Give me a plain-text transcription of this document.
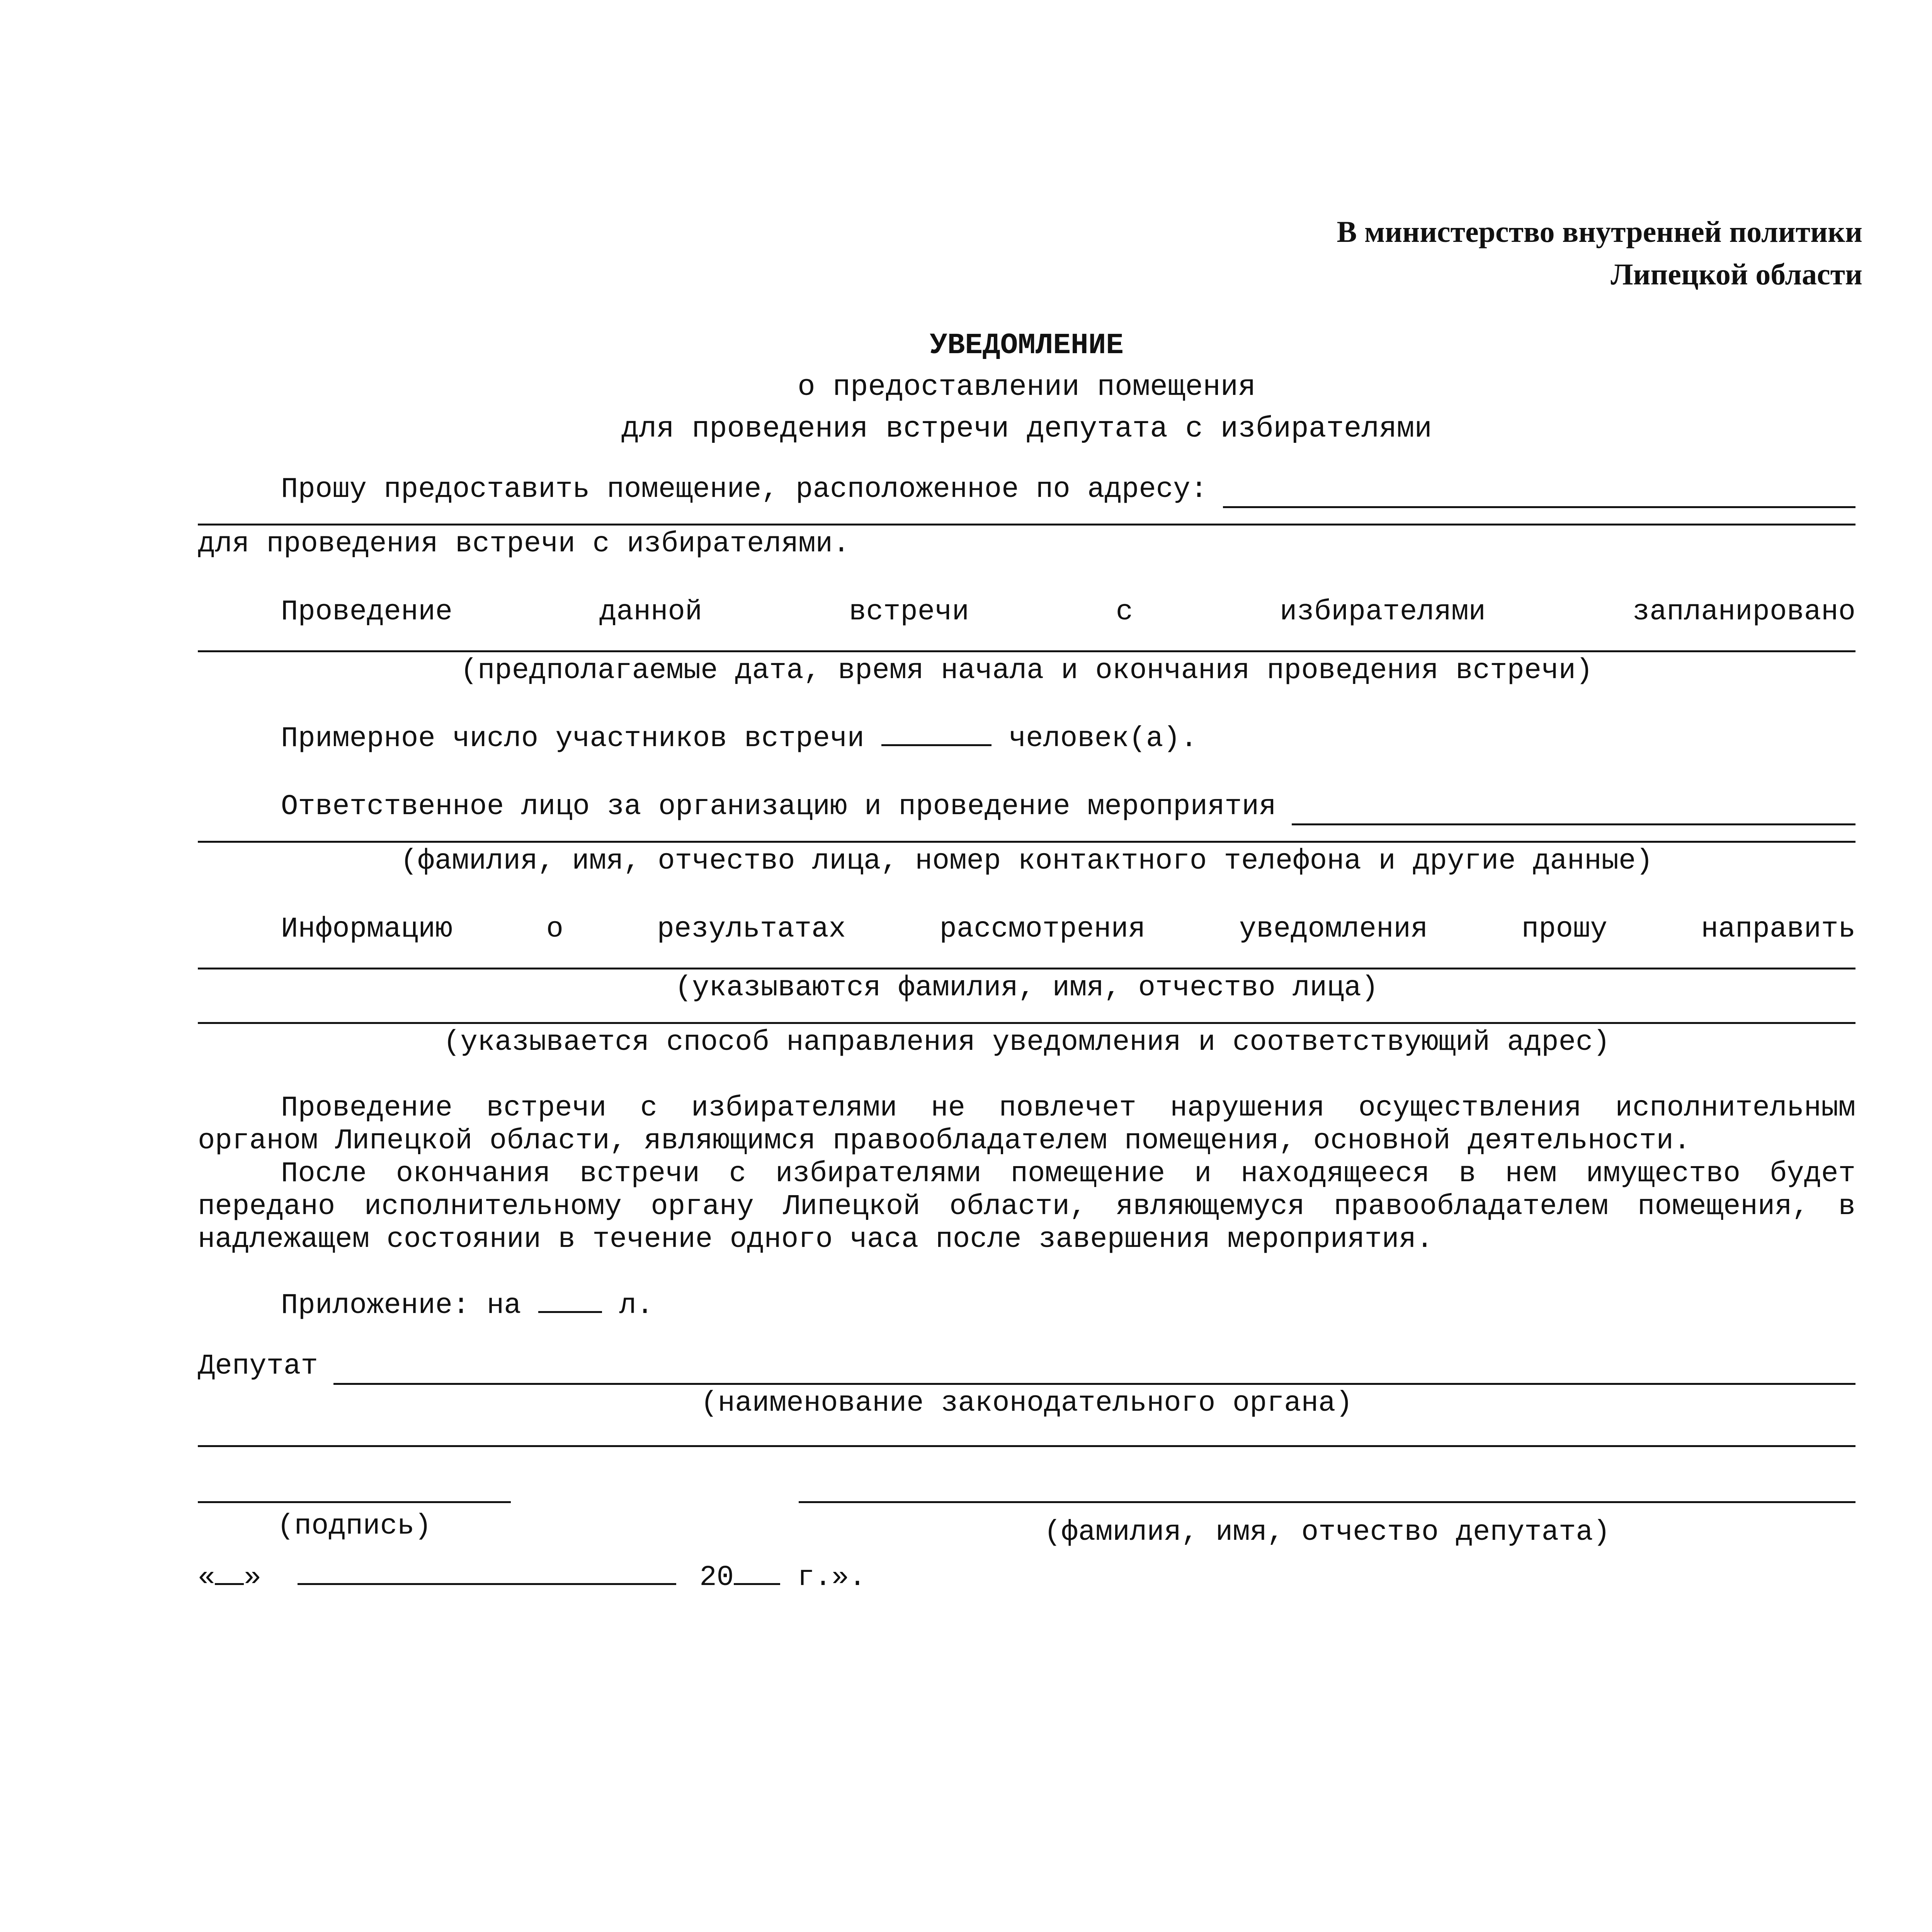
В министерство внутренней политики
Липецкой области
УВЕДОМЛЕНИЕ
о предоставлении помещения
для проведения встречи депутата с избирателями
Прошу предоставить помещение, расположенное по адресу:
для проведения встречи с избирателями.
Проведение	данной	встречи	с	избирателями	запланировано
(предполагаемые дата, время начала и окончания проведения встречи)
Примерное число участников встречи	человек(а).
Ответственное лицо за организацию и проведение мероприятия
(фамилия, имя, отчество лица, номер контактного телефона и другие данные)
Информацию	о	результатах	рассмотрения	уведомления	прошу	направить
(указываются фамилия, имя, отчество лица)
(указывается способ направления уведомления и соответствующий адрес)
Проведение встречи с избирателями не повлечет нарушения осуществления исполнительным органом Липецкой области, являющимся правообладателем помещения, основной деятельности.
После окончания встречи с избирателями помещение и находящееся в нем имущество будет передано исполнительному органу Липецкой области, являющемуся правообладателем помещения, в надлежащем состоянии в течение одного часа после завершения мероприятия.
Приложение: на	л.
Депутат
(наименование законодательного органа)
(подпись)	(фамилия, имя, отчество депутата)
« »	20 г.».
